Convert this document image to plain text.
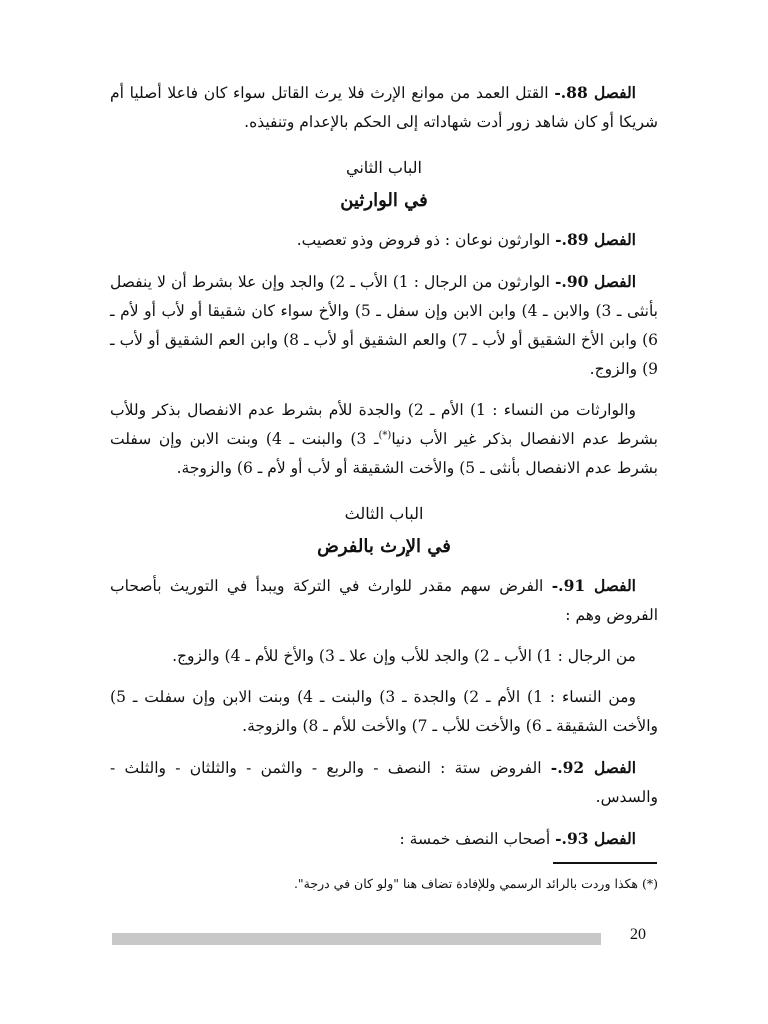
الفصل 88.- القتل العمد من موانع الإرث فلا يرث القاتل سواء كان فاعلا أصليا أم شريكا أو كان شاهد زور أدت شهاداته إلى الحكم بالإعدام وتنفيذه.

الباب الثاني
في الوارثين

الفصل 89.- الوارثون نوعان : ذو فروض وذو تعصيب.

الفصل 90.- الوارثون من الرجال : 1) الأب ـ 2) والجد وإن علا بشرط أن لا ينفصل بأنثى ـ 3) والابن ـ 4) وابن الابن وإن سفل ـ 5) والأخ سواء كان شقيقا أو لأب أو لأم ـ 6) وابن الأخ الشقيق أو لأب ـ 7) والعم الشقيق أو لأب ـ 8) وابن العم الشقيق أو لأب ـ 9) والزوج.

والوارثات من النساء : 1) الأم ـ 2) والجدة للأم بشرط عدم الانفصال بذكر وللأب بشرط عدم الانفصال بذكر غير الأب دنيا(*)ـ 3) والبنت ـ 4) وبنت الابن وإن سفلت بشرط عدم الانفصال بأنثى ـ 5) والأخت الشقيقة أو لأب أو لأم ـ 6) والزوجة.

الباب الثالث
في الإرث بالفرض

الفصل 91.- الفرض سهم مقدر للوارث في التركة ويبدأ في التوريث بأصحاب الفروض وهم :

من الرجال : 1) الأب ـ 2) والجد للأب وإن علا ـ 3) والأخ للأم ـ 4) والزوج.

ومن النساء : 1) الأم ـ 2) والجدة ـ 3) والبنت ـ 4) وبنت الابن وإن سفلت ـ 5) والأخت الشقيقة ـ 6) والأخت للأب ـ 7) والأخت للأم ـ 8) والزوجة.

الفصل 92.- الفروض ستة : النصف - والربع - والثمن - والثلثان - والثلث - والسدس.

الفصل 93.- أصحاب النصف خمسة :

(*) هكذا وردت بالرائد الرسمي وللإفادة تضاف هنا "ولو كان في درجة".
20
